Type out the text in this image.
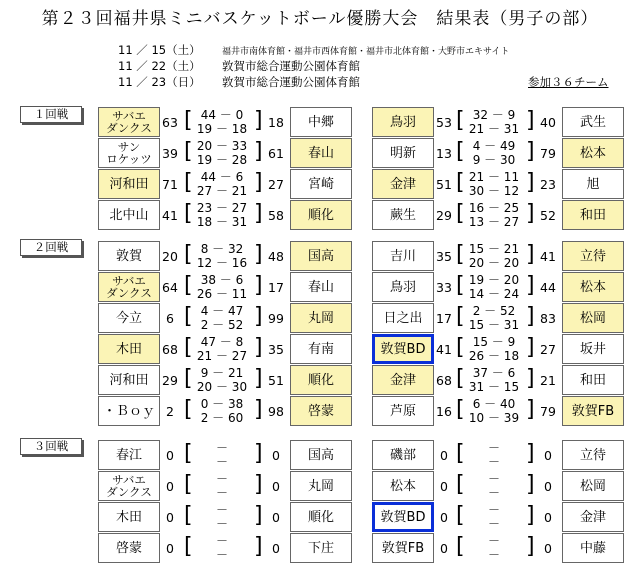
第２３回福井県ミニバスケットボール優勝大会　結果表（男子の部）
11 ／ 15（土） 福井市南体育館・福井市西体育館・福井市北体育館・大野市エキサイト
11 ／ 22（土） 敦賀市総合運動公園体育館
11 ／ 23（日） 敦賀市総合運動公園体育館	参加３６チーム
１回戦	サバエ
ダンクス 63 [ 44 － 0
19 － 18 ] 18	中郷
サン
ロケッツ 39 [ 20 － 33
19 － 28 ] 61	春山
河和田	71 [ 44 － 6
27 － 21 ] 27	宮崎
北中山	41 [ 23 － 27
18 － 31 ] 58	順化
鳥羽	53 [ 32 － 9
21 － 31 ] 40	武生
明新	13 [ 4 － 49
9 － 30 ] 79	松本
金津	51 [ 21 － 11
30 － 12 ] 23	旭
蕨生	29 [ 16 － 25
13 － 27 ] 52	和田
２回戦
敦賀	20 [ 8 － 32
12 － 16 ] 48	国高
サバエ
ダンクス 64 [ 38 － 6
26 － 11 ] 17	春山
今立	6 [ 4 － 47
2 － 52 ] 99	丸岡
木田	68 [ 47 － 8
21 － 27 ] 35	有南
河和田	29 [ 9 － 21
20 － 30 ] 51	順化
・Ｂｏｙ 2 [ 0 － 38
2 － 60 ] 98	啓蒙
吉川	35 [ 15 － 21
20 － 20 ] 41	立待
鳥羽	33 [ 19 － 20
14 － 24 ] 44	松本
日之出	17 [ 2 － 52
15 － 31 ] 83	松岡
敦賀BD 41 [ 15 － 9
26 － 18 ] 27	坂井
金津	68 [ 37 － 6
31 － 15 ] 21	和田
芦原	16 [ 6 － 40
10 － 39 ] 79	敦賀FB
３回戦
春江	0 [	－
－	] 0	国高
サバエ
ダンクス	0 [	－
－	] 0	丸岡
木田	0 [	－
－	] 0	順化
啓蒙	0 [	－
－	] 0	下庄
磯部	0 [	－
－	] 0	立待
松本	0 [	－
－	] 0	松岡
敦賀BD	0 [	－
－	] 0	金津
敦賀FB	0 [	－
－	] 0	中藤
